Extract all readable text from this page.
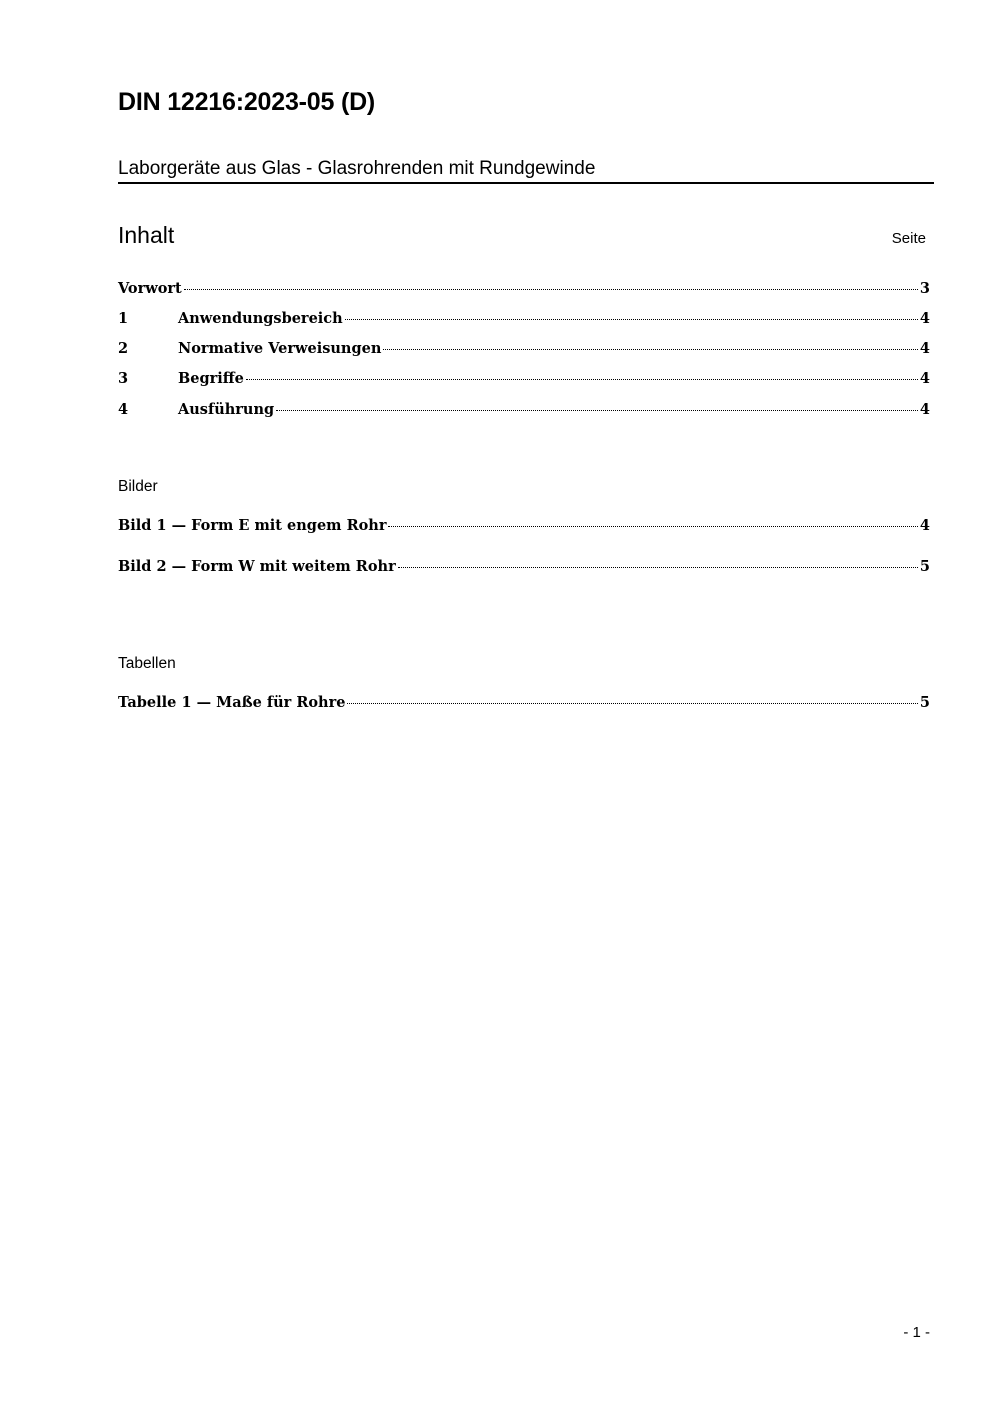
DIN 12216:2023-05 (D)
Laborgeräte aus Glas - Glasrohrenden mit Rundgewinde
Inhalt	Seite
Vorwort	3
1	Anwendungsbereich	4
2	Normative Verweisungen	4
3	Begriffe	4
4	Ausführung	4
Bilder
Bild 1 — Form E mit engem Rohr	4
Bild 2 — Form W mit weitem Rohr	5
Tabellen
Tabelle 1 — Maße für Rohre	5
- 1 -
